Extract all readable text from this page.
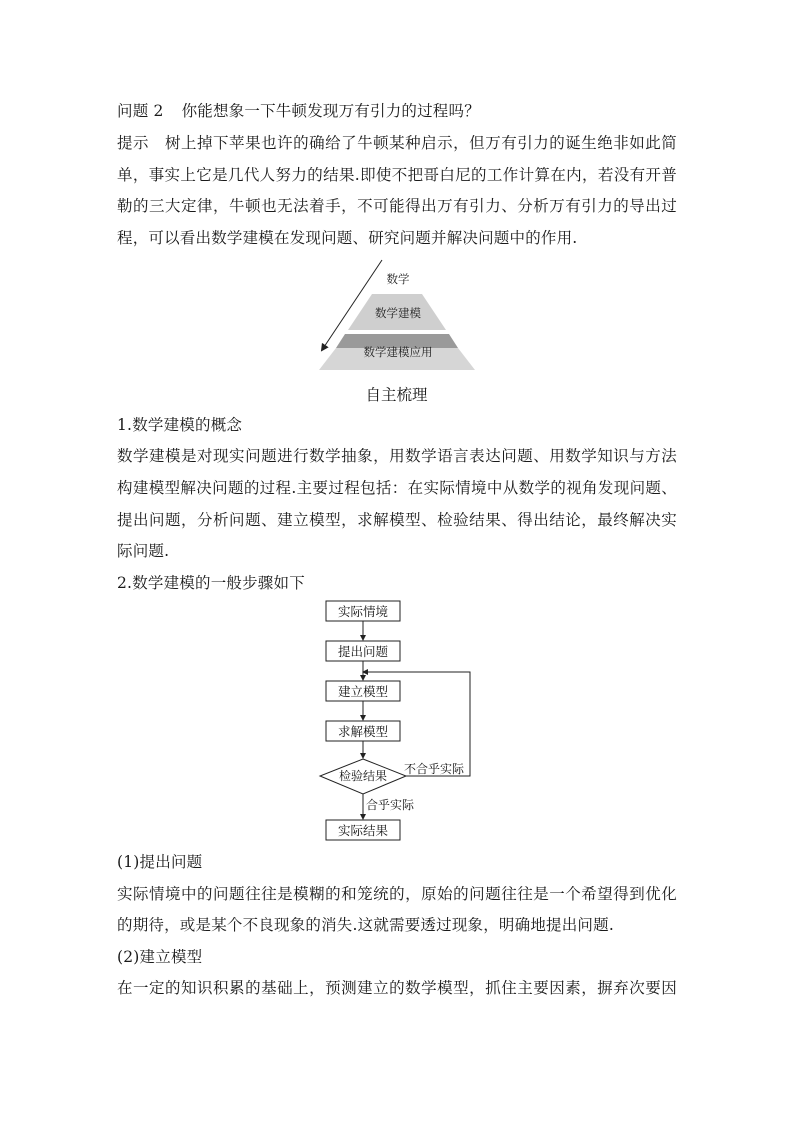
问题 2 你能想象一下牛顿发现万有引力的过程吗？
提示　树上掉下苹果也许的确给了牛顿某种启示，但万有引力的诞生绝非如此简
单，事实上它是几代人努力的结果.即使不把哥白尼的工作计算在内，若没有开普
勒的三大定律，牛顿也无法着手，不可能得出万有引力、分析万有引力的导出过
程，可以看出数学建模在发现问题、研究问题并解决问题中的作用.
数学
数学建模
数学建模应用
自主梳理
1.数学建模的概念
数学建模是对现实问题进行数学抽象，用数学语言表达问题、用数学知识与方法
构建模型解决问题的过程.主要过程包括：在实际情境中从数学的视角发现问题、
提出问题，分析问题、建立模型，求解模型、检验结果、得出结论，最终解决实
际问题.
2.数学建模的一般步骤如下
实际情境
提出问题
建立模型
求解模型
检验结果
实际结果
不合乎实际
合乎实际
(1)提出问题
实际情境中的问题往往是模糊的和笼统的，原始的问题往往是一个希望得到优化
的期待，或是某个不良现象的消失.这就需要透过现象，明确地提出问题.
(2)建立模型
在一定的知识积累的基础上，预测建立的数学模型，抓住主要因素，摒弃次要因
